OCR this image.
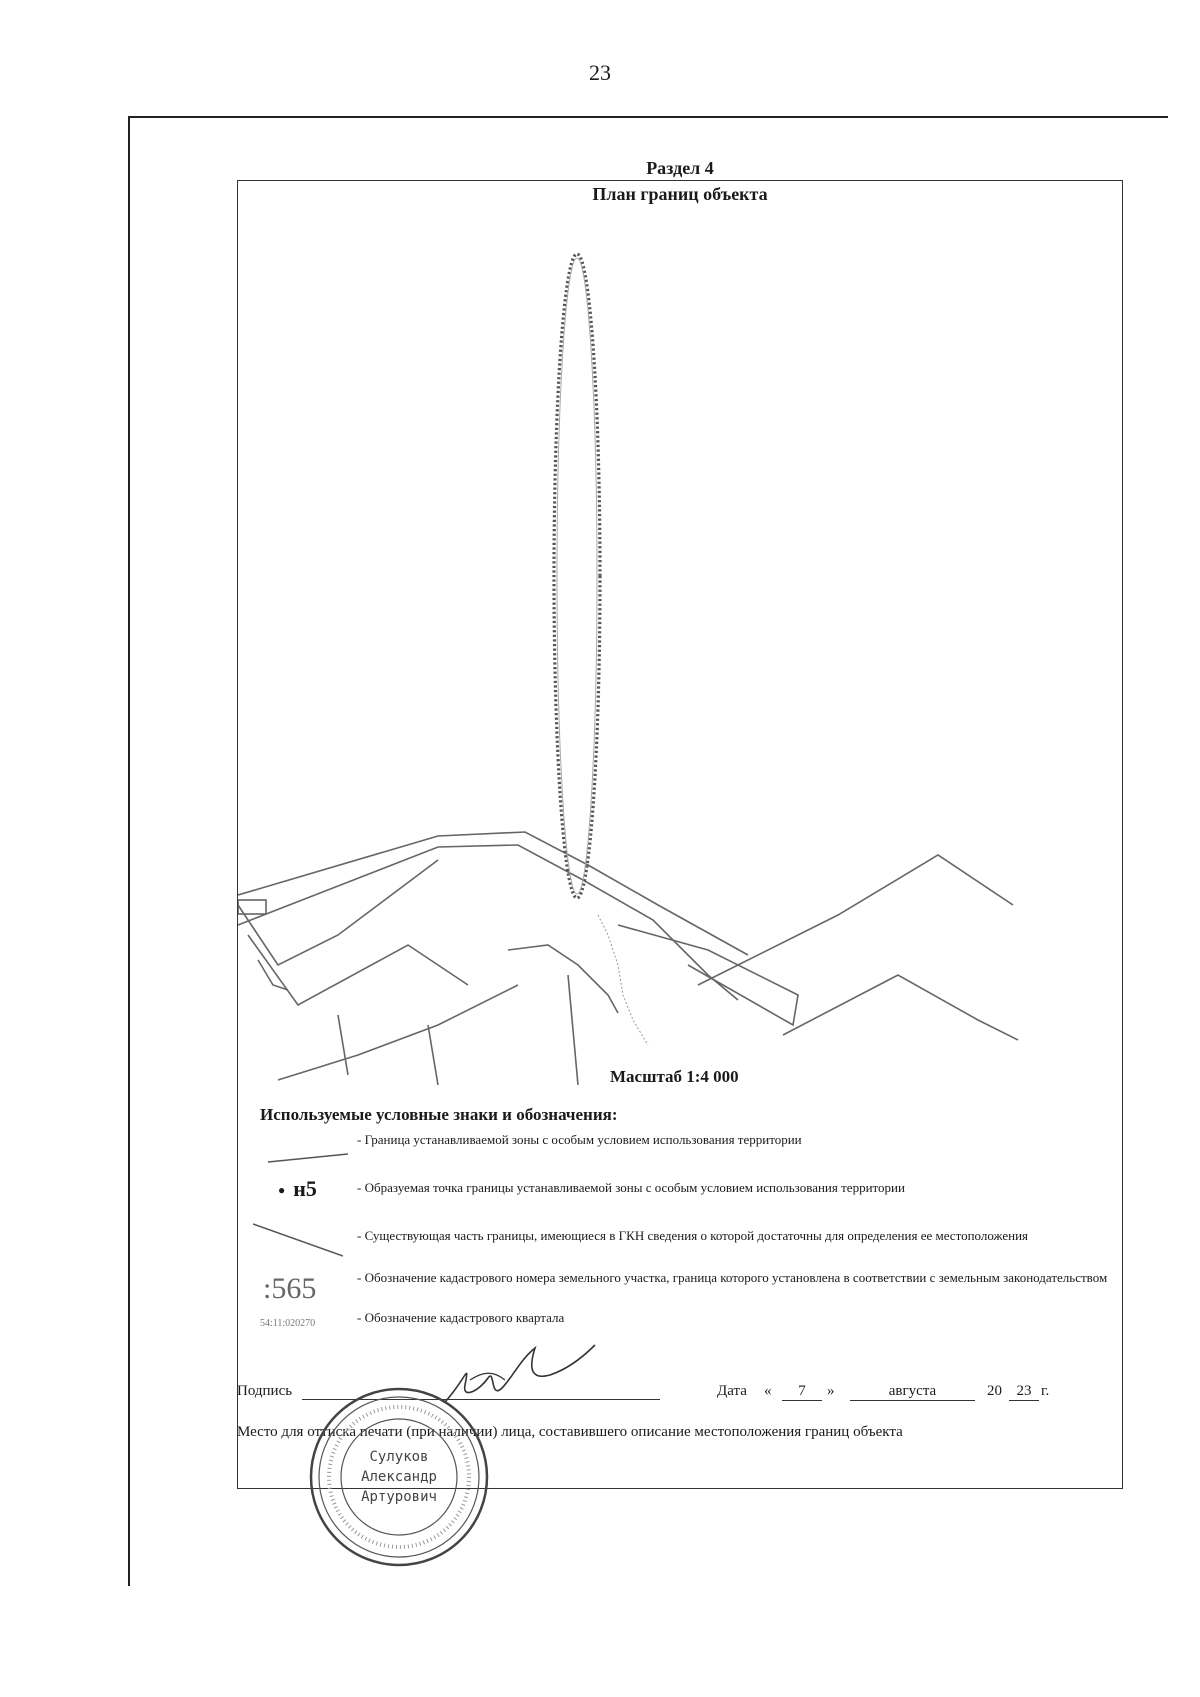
23
Раздел 4
План границ объекта
Масштаб 1:4 000
Используемые условные знаки и обозначения:
- Граница устанавливаемой зоны с особым условием использования территории
● н5	- Образуемая точка границы устанавливаемой зоны с особым условием использования территории
- Существующая часть границы, имеющиеся в ГКН сведения о которой достаточны для определения ее местоположения
:565	- Обозначение кадастрового номера земельного участка, граница которого установлена в соответствии с земельным законодательством
54:11:020270	- Обозначение кадастрового квартала
Подпись	Дата «	7	»	августа	20 23 г.
Место для оттиска печати (при наличии) лица, составившего описание местоположения границ объекта
Сулуков
Александр
Артурович
